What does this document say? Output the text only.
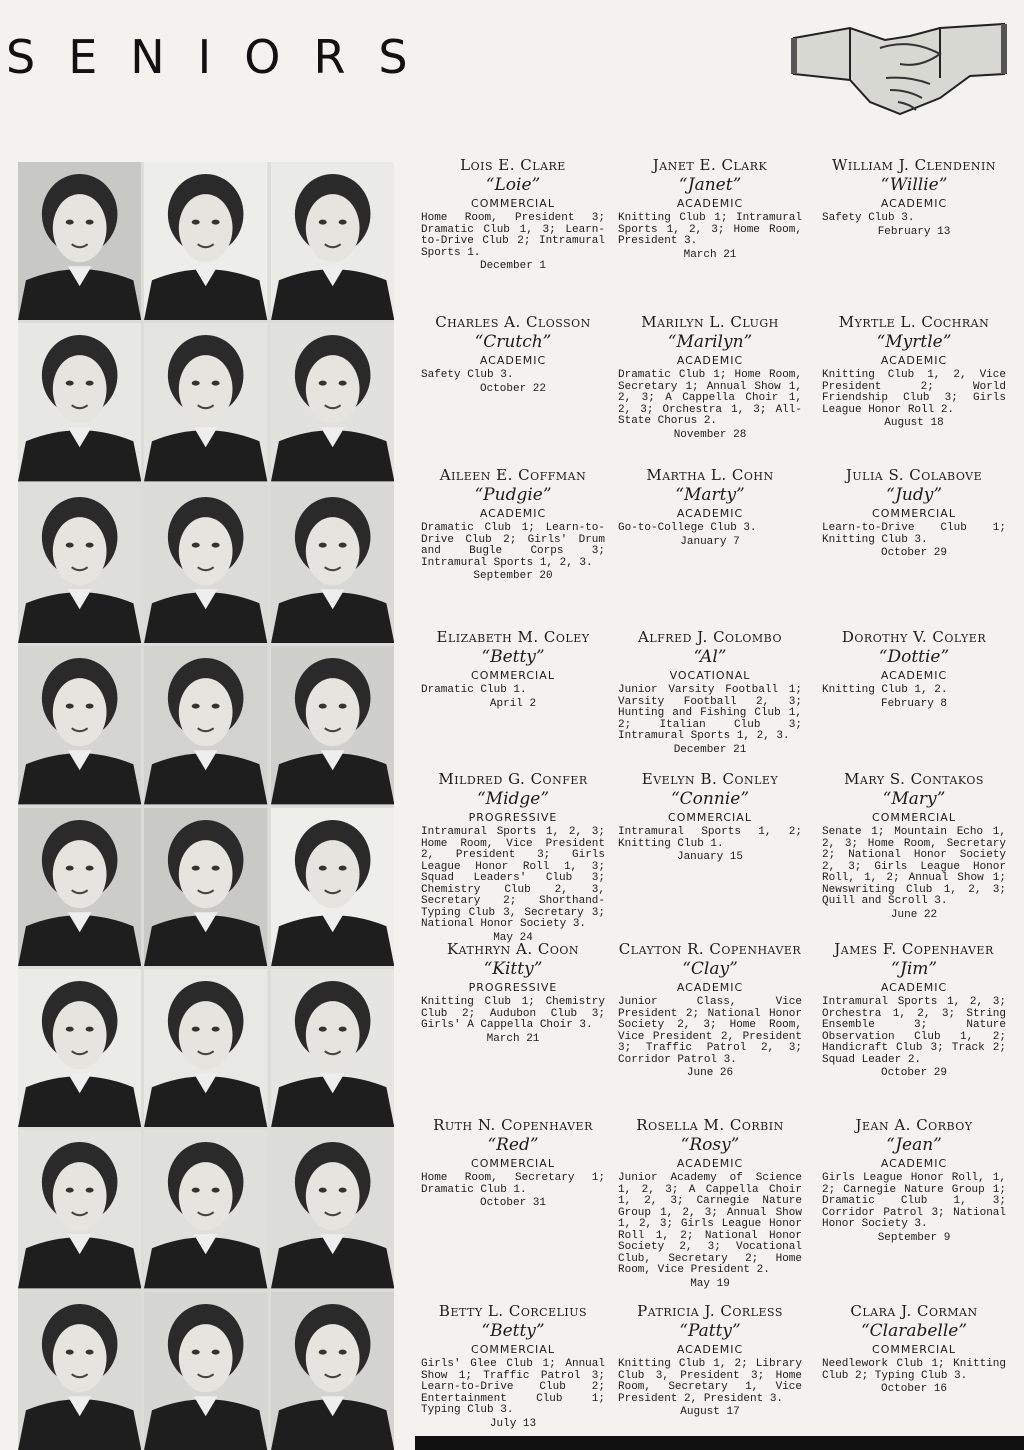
SENIORS
Lois E. Clare
“Loie”
COMMERCIAL
Home Room, President 3; Dramatic Club 1, 3; Learn-to-Drive Club 2; Intramural Sports 1.
December 1
Janet E. Clark
“Janet”
ACADEMIC
Knitting Club 1; Intramural Sports 1, 2, 3; Home Room, President 3.
March 21
William J. Clendenin
“Willie”
ACADEMIC
Safety Club 3.
February 13
Charles A. Closson
“Crutch”
ACADEMIC
Safety Club 3.
October 22
Marilyn L. Clugh
“Marilyn”
ACADEMIC
Dramatic Club 1; Home Room, Secretary 1; Annual Show 1, 2, 3; A Cappella Choir 1, 2, 3; Orchestra 1, 3; All-State Chorus 2.
November 28
Myrtle L. Cochran
“Myrtle”
ACADEMIC
Knitting Club 1, 2, Vice President 2; World Friendship Club 3; Girls League Honor Roll 2.
August 18
Aileen E. Coffman
“Pudgie”
ACADEMIC
Dramatic Club 1; Learn-to-Drive Club 2; Girls' Drum and Bugle Corps 3; Intramural Sports 1, 2, 3.
September 20
Martha L. Cohn
“Marty”
ACADEMIC
Go-to-College Club 3.
January 7
Julia S. Colabove
“Judy”
COMMERCIAL
Learn-to-Drive Club 1; Knitting Club 3.
October 29
Elizabeth M. Coley
“Betty”
COMMERCIAL
Dramatic Club 1.
April 2
Alfred J. Colombo
“Al”
VOCATIONAL
Junior Varsity Football 1; Varsity Football 2, 3; Hunting and Fishing Club 1, 2; Italian Club 3; Intramural Sports 1, 2, 3.
December 21
Dorothy V. Colyer
“Dottie”
ACADEMIC
Knitting Club 1, 2.
February 8
Mildred G. Confer
“Midge”
PROGRESSIVE
Intramural Sports 1, 2, 3; Home Room, Vice President 2, President 3; Girls League Honor Roll 1, 3; Squad Leaders' Club 3; Chemistry Club 2, 3, Secretary 2; Shorthand-Typing Club 3, Secretary 3; National Honor Society 3.
May 24
Evelyn B. Conley
“Connie”
COMMERCIAL
Intramural Sports 1, 2; Knitting Club 1.
January 15
Mary S. Contakos
“Mary”
COMMERCIAL
Senate 1; Mountain Echo 1, 2, 3; Home Room, Secretary 2; National Honor Society 2, 3; Girls League Honor Roll, 1, 2; Annual Show 1; Newswriting Club 1, 2, 3; Quill and Scroll 3.
June 22
Kathryn A. Coon
“Kitty”
PROGRESSIVE
Knitting Club 1; Chemistry Club 2; Audubon Club 3; Girls' A Cappella Choir 3.
March 21
Clayton R. Copenhaver
“Clay”
ACADEMIC
Junior Class, Vice President 2; National Honor Society 2, 3; Home Room, Vice President 2, President 3; Traffic Patrol 2, 3; Corridor Patrol 3.
June 26
James F. Copenhaver
“Jim”
ACADEMIC
Intramural Sports 1, 2, 3; Orchestra 1, 2, 3; String Ensemble 3; Nature Observation Club 1, 2; Handicraft Club 3; Track 2; Squad Leader 2.
October 29
Ruth N. Copenhaver
“Red”
COMMERCIAL
Home Room, Secretary 1; Dramatic Club 1.
October 31
Rosella M. Corbin
“Rosy”
ACADEMIC
Junior Academy of Science 1, 2, 3; A Cappella Choir 1, 2, 3; Carnegie Nature Group 1, 2, 3; Annual Show 1, 2, 3; Girls League Honor Roll 1, 2; National Honor Society 2, 3; Vocational Club, Secretary 2; Home Room, Vice President 2.
May 19
Jean A. Corboy
“Jean”
ACADEMIC
Girls League Honor Roll, 1, 2; Carnegie Nature Group 1; Dramatic Club 1, 3; Corridor Patrol 3; National Honor Society 3.
September 9
Betty L. Corcelius
“Betty”
COMMERCIAL
Girls' Glee Club 1; Annual Show 1; Traffic Patrol 3; Learn-to-Drive Club 2; Entertainment Club 1; Typing Club 3.
July 13
Patricia J. Corless
“Patty”
ACADEMIC
Knitting Club 1, 2; Library Club 3, President 3; Home Room, Secretary 1, Vice President 2, President 3.
August 17
Clara J. Corman
“Clarabelle”
COMMERCIAL
Needlework Club 1; Knitting Club 2; Typing Club 3.
October 16
